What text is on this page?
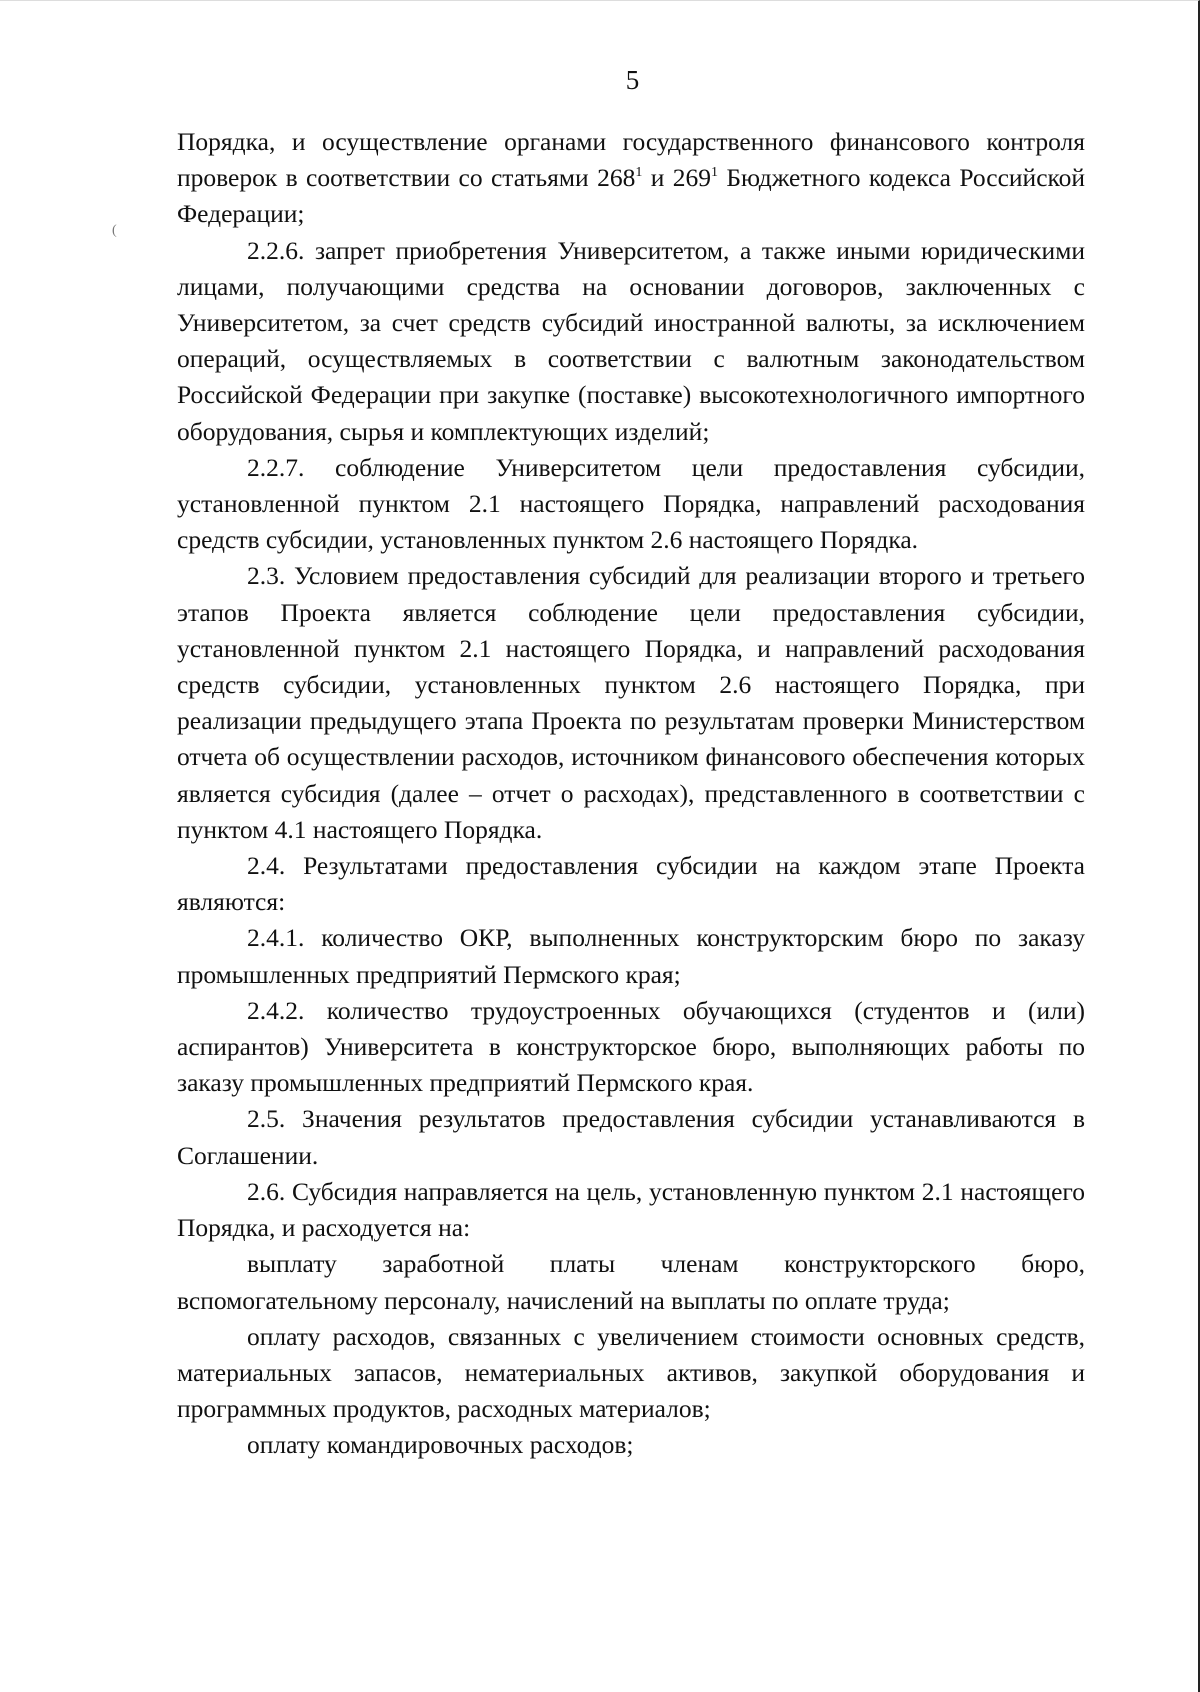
5
(

Порядка, и осуществление органами государственного финансового контроля проверок в соответствии со статьями $268^1$ и $269^1$ Бюджетного кодекса Российской Федерации;

2.2.6. запрет приобретения Университетом, а также иными юридическими лицами, получающими средства на основании договоров, заключенных с Университетом, за счет средств субсидий иностранной валюты, за исключением операций, осуществляемых в соответствии с валютным законодательством Российской Федерации при закупке (поставке) высокотехнологичного импортного оборудования, сырья и комплектующих изделий;

2.2.7. соблюдение Университетом цели предоставления субсидии, установленной пунктом 2.1 настоящего Порядка, направлений расходования средств субсидии, установленных пунктом 2.6 настоящего Порядка.

2.3. Условием предоставления субсидий для реализации второго и третьего этапов Проекта является соблюдение цели предоставления субсидии, установленной пунктом 2.1 настоящего Порядка, и направлений расходования средств субсидии, установленных пунктом 2.6 настоящего Порядка, при реализации предыдущего этапа Проекта по результатам проверки Министерством отчета об осуществлении расходов, источником финансового обеспечения которых является субсидия (далее – отчет о расходах), представленного в соответствии с пунктом 4.1 настоящего Порядка.

2.4. Результатами предоставления субсидии на каждом этапе Проекта являются:

2.4.1. количество ОКР, выполненных конструкторским бюро по заказу промышленных предприятий Пермского края;

2.4.2. количество трудоустроенных обучающихся (студентов и (или) аспирантов) Университета в конструкторское бюро, выполняющих работы по заказу промышленных предприятий Пермского края.

2.5. Значения результатов предоставления субсидии устанавливаются в Соглашении.

2.6. Субсидия направляется на цель, установленную пунктом 2.1 настоящего Порядка, и расходуется на:

выплату заработной платы членам конструкторского бюро, вспомогательному персоналу, начислений на выплаты по оплате труда;

оплату расходов, связанных с увеличением стоимости основных средств, материальных запасов, нематериальных активов, закупкой оборудования и программных продуктов, расходных материалов;

оплату командировочных расходов;
